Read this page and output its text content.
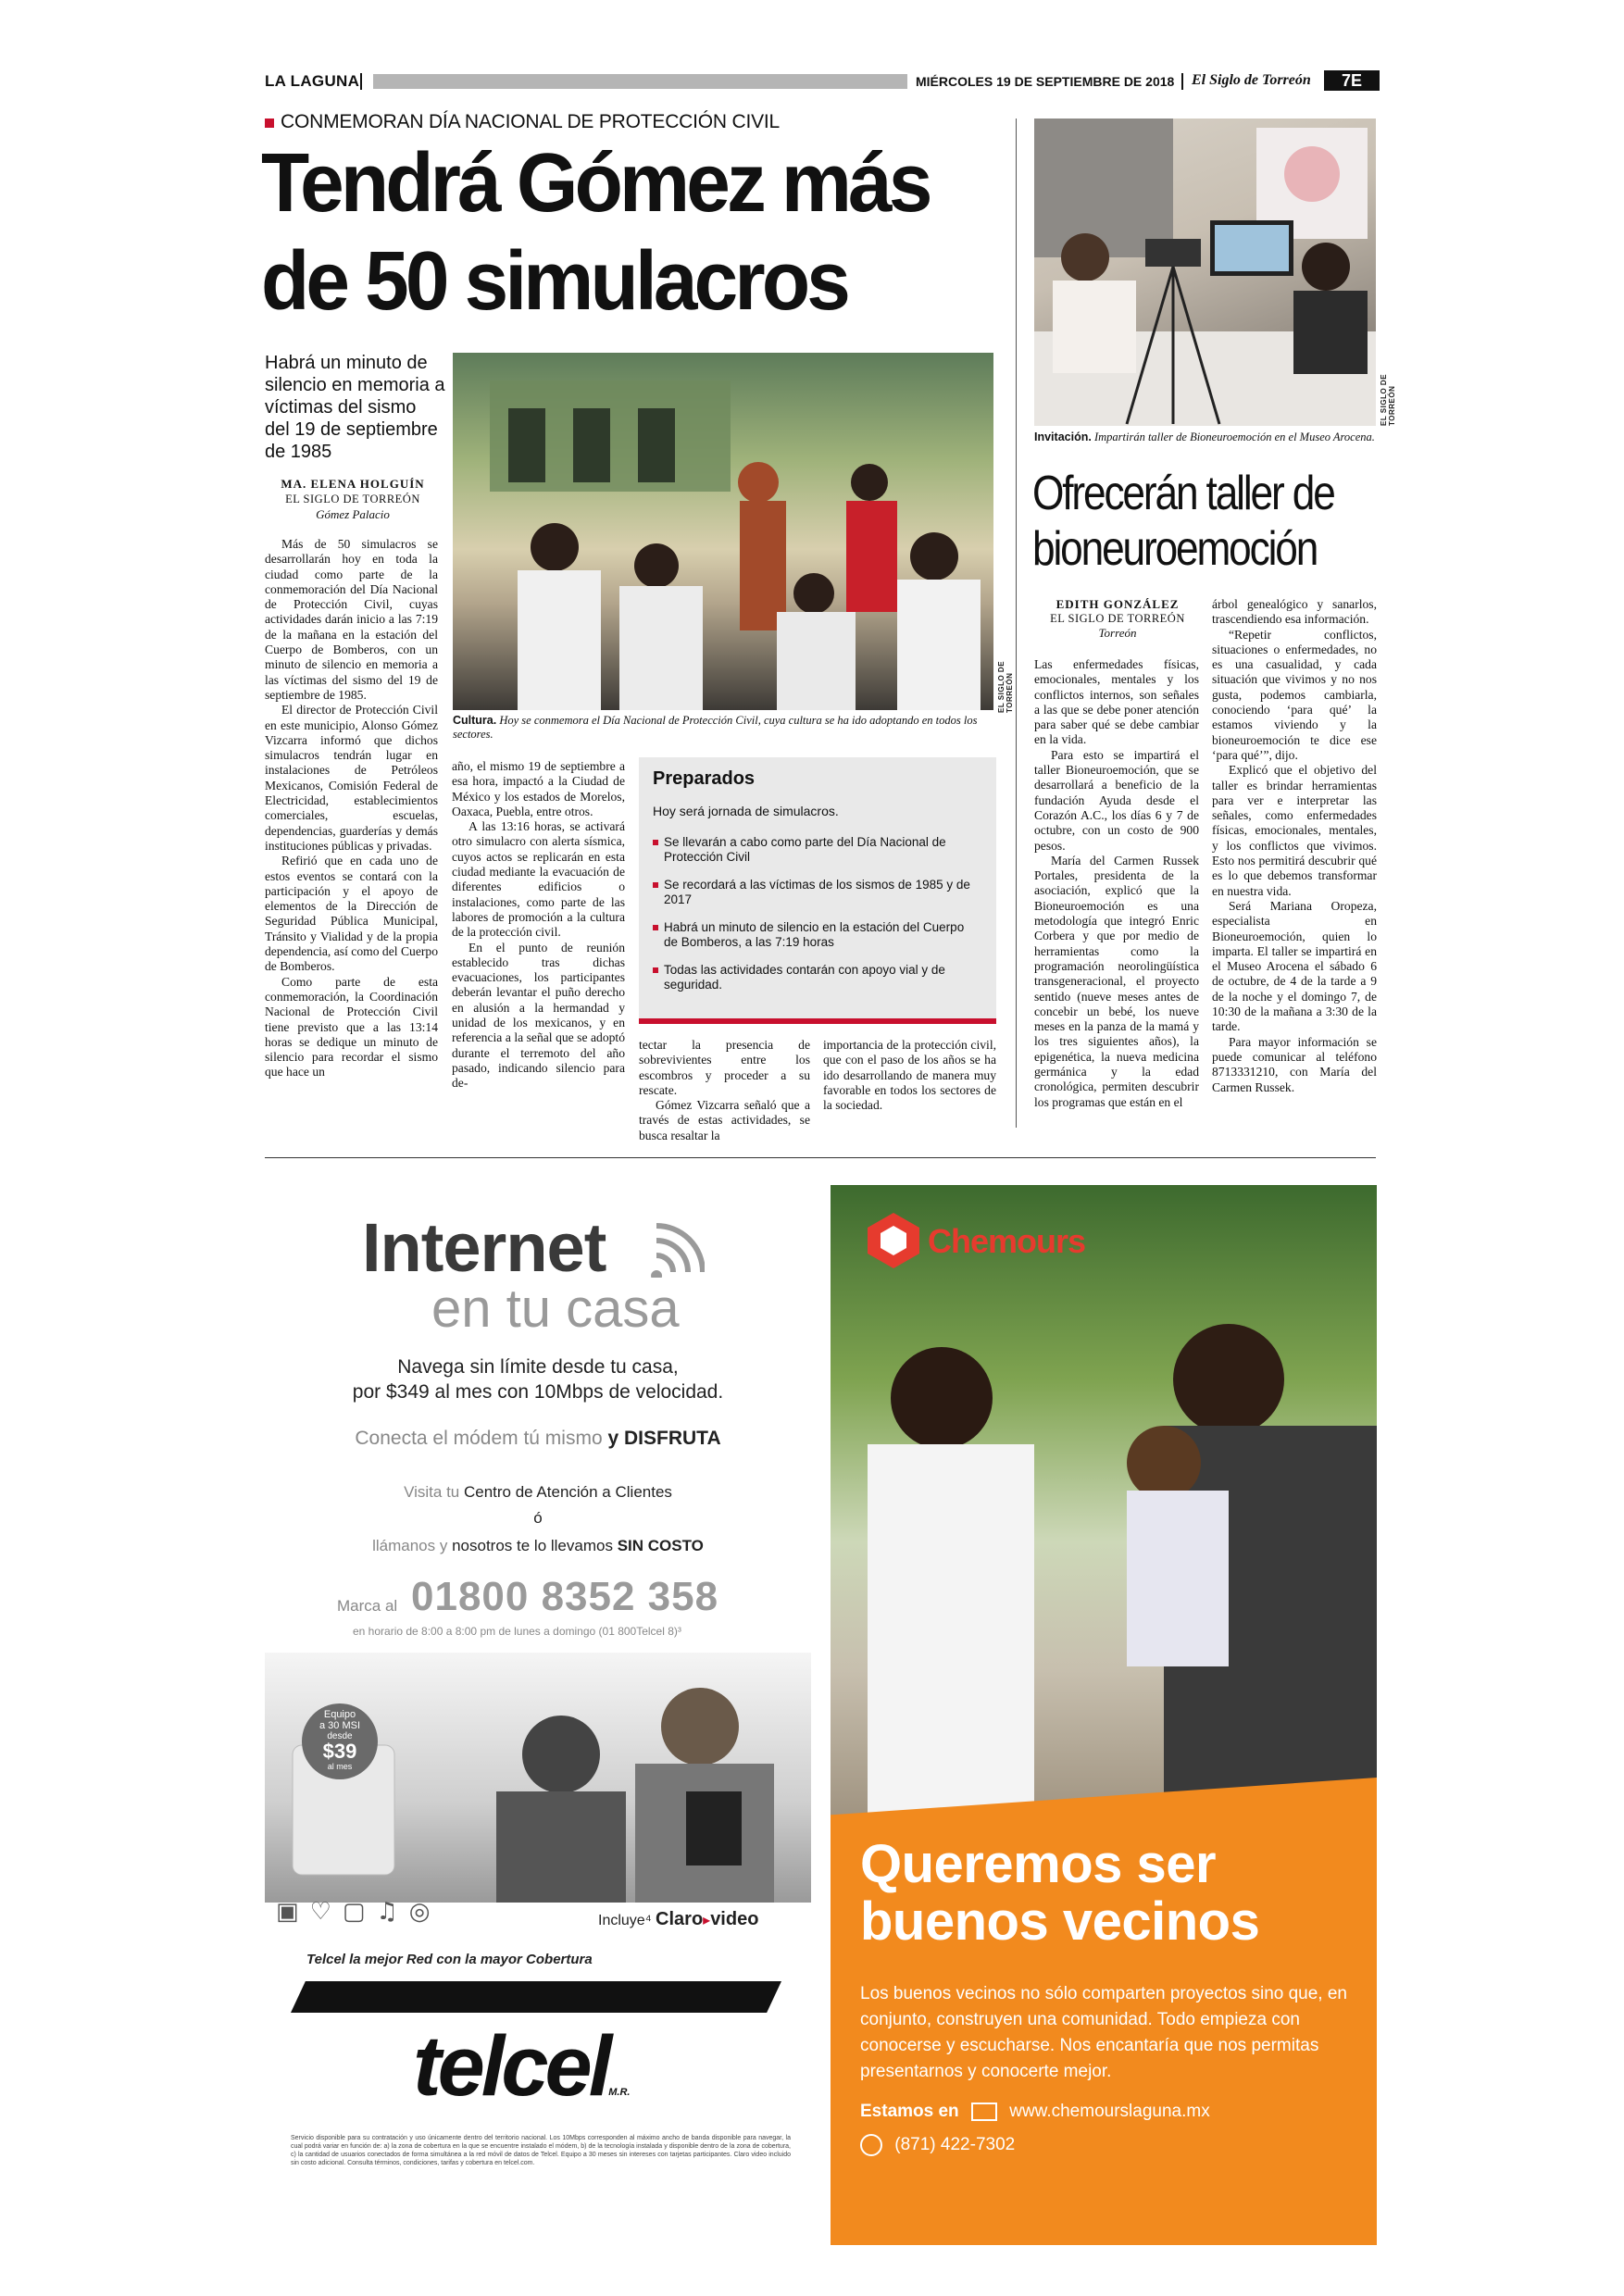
LA LAGUNA	MIÉRCOLES 19 DE SEPTIEMBRE DE 2018 El Siglo de Torreón	7E
CONMEMORAN DÍA NACIONAL DE PROTECCIÓN CIVIL
Tendrá Gómez más
de 50 simulacros
Habrá un minuto de silencio en memoria a víctimas del sismo del 19 de septiembre de 1985
MA. ELENA HOLGUÍN
EL SIGLO DE TORREÓN
Gómez Palacio
EL SIGLO DE TORREÓN
Cultura. Hoy se conmemora el Día Nacional de Protección Civil, cuya cultura se ha ido adoptando en todos los sectores.

Más de 50 simulacros se desarrollarán hoy en toda la ciudad como parte de la conmemoración del Día Nacional de Protección Civil, cuyas actividades darán inicio a las 7:19 de la mañana en la estación del Cuerpo de Bomberos, con un minuto de silencio en memoria a las víctimas del sismo del 19 de septiembre de 1985.

El director de Protección Civil en este municipio, Alonso Gómez Vizcarra informó que dichos simulacros tendrán lugar en instalaciones de Petróleos Mexicanos, Comisión Federal de Electricidad, establecimientos comerciales, escuelas, dependencias, guarderías y demás instituciones públicas y privadas.

Refirió que en cada uno de estos eventos se contará con la participación y el apoyo de elementos de la Dirección de Seguridad Pública Municipal, Tránsito y Vialidad y de la propia dependencia, así como del Cuerpo de Bomberos.

Como parte de esta conmemoración, la Coordinación Nacional de Protección Civil tiene previsto que a las 13:14 horas se dedique un minuto de silencio para recordar el sismo que hace un

año, el mismo 19 de septiembre a esa hora, impactó a la Ciudad de México y los estados de Morelos, Oaxaca, Puebla, entre otros.

A las 13:16 horas, se activará otro simulacro con alerta sísmica, cuyos actos se replicarán en esta ciudad mediante la evacuación de diferentes edificios o instalaciones, como parte de las labores de promoción a la cultura de la protección civil.

En el punto de reunión establecido tras dichas evacuaciones, los participantes deberán levantar el puño derecho en alusión a la hermandad y unidad de los mexicanos, y en referencia a la señal que se adoptó durante el terremoto del año pasado, indicando silencio para de-

Preparados
Hoy será jornada de simulacros.
Se llevarán a cabo como parte del Día Nacional de Protección Civil
Se recordará a las víctimas de los sismos de 1985 y de 2017
Habrá un minuto de silencio en la estación del Cuerpo de Bomberos, a las 7:19 horas
Todas las actividades contarán con apoyo vial y de seguridad.

tectar la presencia de sobrevivientes entre los escombros y proceder a su rescate.

Gómez Vizcarra señaló que a través de estas actividades, se busca resaltar la

importancia de la protección civil, que con el paso de los años se ha ido desarrollando de manera muy favorable en todos los sectores de la sociedad.

EL SIGLO DE TORREÓN
Invitación. Impartirán taller de Bioneuroemoción en el Museo Arocena.
Ofrecerán taller de
bioneuroemoción
EDITH GONZÁLEZ
EL SIGLO DE TORREÓN
Torreón

Las enfermedades físicas, emocionales, mentales y los conflictos internos, son señales a las que se debe poner atención para saber qué se debe cambiar en la vida.

Para esto se impartirá el taller Bioneuroemoción, que se desarrollará a beneficio de la fundación Ayuda desde el Corazón A.C., los días 6 y 7 de octubre, con un costo de 900 pesos.

María del Carmen Russek Portales, presidenta de la asociación, explicó que la Bioneuroemoción es una metodología que integró Enric Corbera y que por medio de herramientas como la programación neorolingüística transgeneracional, el proyecto sentido (nueve meses antes de concebir un bebé, los nueve meses en la panza de la mamá y los tres siguientes años), la epigenética, la nueva medicina germánica y la edad cronológica, permiten descubrir los programas que están en el

árbol genealógico y sanarlos, trascendiendo esa información.

“Repetir conflictos, situaciones o enfermedades, no es una casualidad, y cada situación que vivimos y no nos gusta, podemos cambiarla, conociendo ‘para qué’ la estamos viviendo y la bioneuroemoción te dice ese ‘para qué’”, dijo.

Explicó que el objetivo del taller es brindar herramientas para ver e interpretar las señales, como enfermedades físicas, emocionales, mentales, y los conflictos que vivimos. Esto nos permitirá descubrir qué es lo que debemos transformar en nuestra vida.

Será Mariana Oropeza, especialista en Bioneuroemoción, quien lo imparta. El taller se impartirá en el Museo Arocena el sábado 6 de octubre, de 4 de la tarde a 9 de la noche y el domingo 7, de 10:30 de la mañana a 3:30 de la tarde.

Para mayor información se puede comunicar al teléfono 8713331210, con María del Carmen Russek.

Internet
en tu casa
Navega sin límite desde tu casa,
por $349 al mes con 10Mbps de velocidad.
Conecta el módem tú mismo y DISFRUTA
Visita tu Centro de Atención a Clientes
ó
llámanos y nosotros te lo llevamos SIN COSTO
Marca al 01800 8352 358
en horario de 8:00 a 8:00 pm de lunes a domingo (01 800Telcel 8)³
Equipo
a 30 MSI
desde
$39
al mes
▣ ♡ ▢ ♫ ◎	Incluye⁴ Claro▸video
Telcel la mejor Red con la mayor Cobertura
telcelM.R.
Servicio disponible para su contratación y uso únicamente dentro del territorio nacional. Los 10Mbps corresponden al máximo ancho de banda disponible para navegar, la cual podrá variar en función de: a) la zona de cobertura en la que se encuentre instalado el módem, b) de la tecnología instalada y disponible dentro de la zona de cobertura, c) la cantidad de usuarios conectados de forma simultánea a la red móvil de datos de Telcel. Equipo a 30 meses sin intereses con tarjetas participantes. Claro video incluido sin costo adicional. Consulta términos, condiciones, tarifas y cobertura en telcel.com.
Chemours
Queremos ser
buenos vecinos
Los buenos vecinos no sólo comparten proyectos sino que, en conjunto, construyen una comunidad. Todo empieza con conocerse y escucharse. Nos encantaría que nos permitas presentarnos y conocerte mejor.
Estamos en	www.chemourslaguna.mx
(871) 422-7302
